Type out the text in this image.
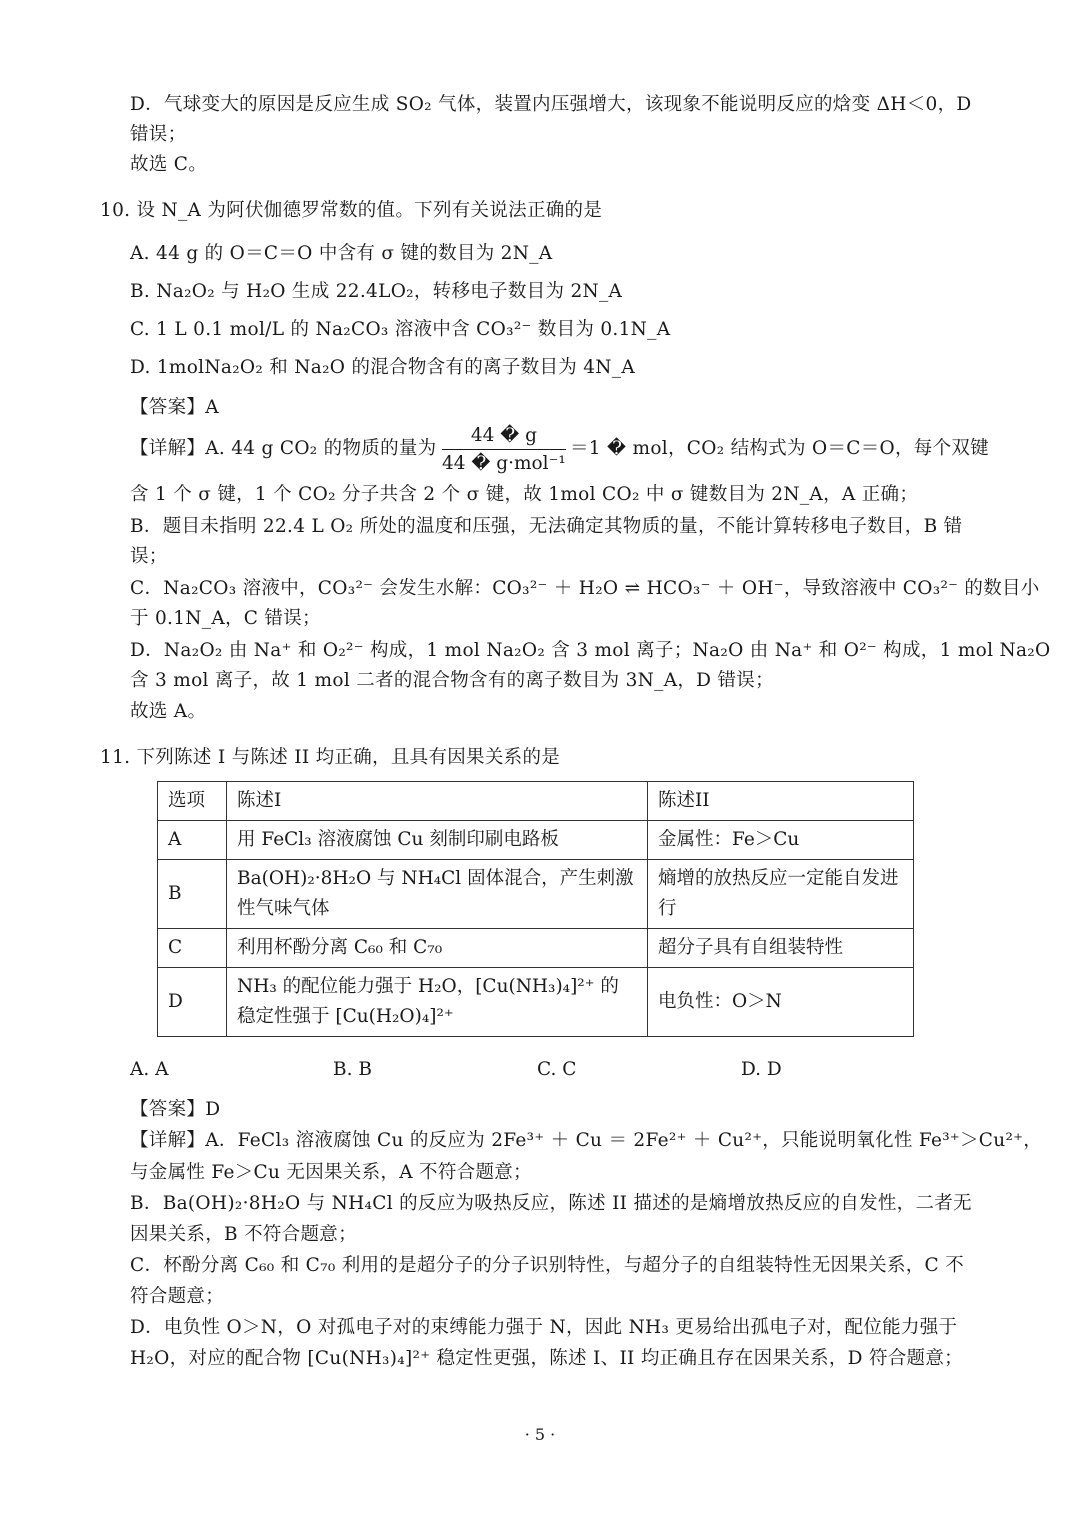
D．气球变大的原因是反应生成 SO₂ 气体，装置内压强增大，该现象不能说明反应的焓变 ΔH＜0，D
错误；
故选 C。
10. 设 N_A 为阿伏伽德罗常数的值。下列有关说法正确的是
A. 44 g 的 O＝C＝O 中含有 σ 键的数目为 2N_A
B. Na₂O₂ 与 H₂O 生成 22.4LO₂，转移电子数目为 2N_A
C. 1 L 0.1 mol/L 的 Na₂CO₃ 溶液中含 CO₃²⁻ 数目为 0.1N_A
D. 1molNa₂O₂ 和 Na₂O 的混合物含有的离子数目为 4N_A
【答案】A
【详解】A. 44 g CO₂ 的物质的量为
44 � g
44 � g·mol⁻¹
＝1 � mol，CO₂ 结构式为 O＝C＝O，每个双键
含 1 个 σ 键，1 个 CO₂ 分子共含 2 个 σ 键，故 1mol CO₂ 中 σ 键数目为 2N_A，A 正确；
B．题目未指明 22.4 L O₂ 所处的温度和压强，无法确定其物质的量，不能计算转移电子数目，B 错
误；
C．Na₂CO₃ 溶液中，CO₃²⁻ 会发生水解：CO₃²⁻ ＋ H₂O ⇌ HCO₃⁻ ＋ OH⁻，导致溶液中 CO₃²⁻ 的数目小
于 0.1N_A，C 错误；
D．Na₂O₂ 由 Na⁺ 和 O₂²⁻ 构成，1 mol Na₂O₂ 含 3 mol 离子；Na₂O 由 Na⁺ 和 O²⁻ 构成，1 mol Na₂O
含 3 mol 离子，故 1 mol 二者的混合物含有的离子数目为 3N_A，D 错误；
故选 A。
11. 下列陈述 I 与陈述 II 均正确，且具有因果关系的是
选项	陈述I	陈述II
A	用 FeCl₃ 溶液腐蚀 Cu 刻制印刷电路板	金属性：Fe＞Cu
B	Ba(OH)₂·8H₂O 与 NH₄Cl 固体混合，产生刺激性气味气体	熵增的放热反应一定能自发进行
C	利用杯酚分离 C₆₀ 和 C₇₀	超分子具有自组装特性
D	NH₃ 的配位能力强于 H₂O，[Cu(NH₃)₄]²⁺ 的稳定性强于 [Cu(H₂O)₄]²⁺	电负性：O＞N
A. A	B. B	C. C	D. D
【答案】D
【详解】A．FeCl₃ 溶液腐蚀 Cu 的反应为 2Fe³⁺ ＋ Cu ＝ 2Fe²⁺ ＋ Cu²⁺，只能说明氧化性 Fe³⁺＞Cu²⁺，
与金属性 Fe＞Cu 无因果关系，A 不符合题意；
B．Ba(OH)₂·8H₂O 与 NH₄Cl 的反应为吸热反应，陈述 II 描述的是熵增放热反应的自发性，二者无
因果关系，B 不符合题意；
C．杯酚分离 C₆₀ 和 C₇₀ 利用的是超分子的分子识别特性，与超分子的自组装特性无因果关系，C 不
符合题意；
D．电负性 O＞N，O 对孤电子对的束缚能力强于 N，因此 NH₃ 更易给出孤电子对，配位能力强于
H₂O，对应的配合物 [Cu(NH₃)₄]²⁺ 稳定性更强，陈述 I、II 均正确且存在因果关系，D 符合题意；
· 5 ·
